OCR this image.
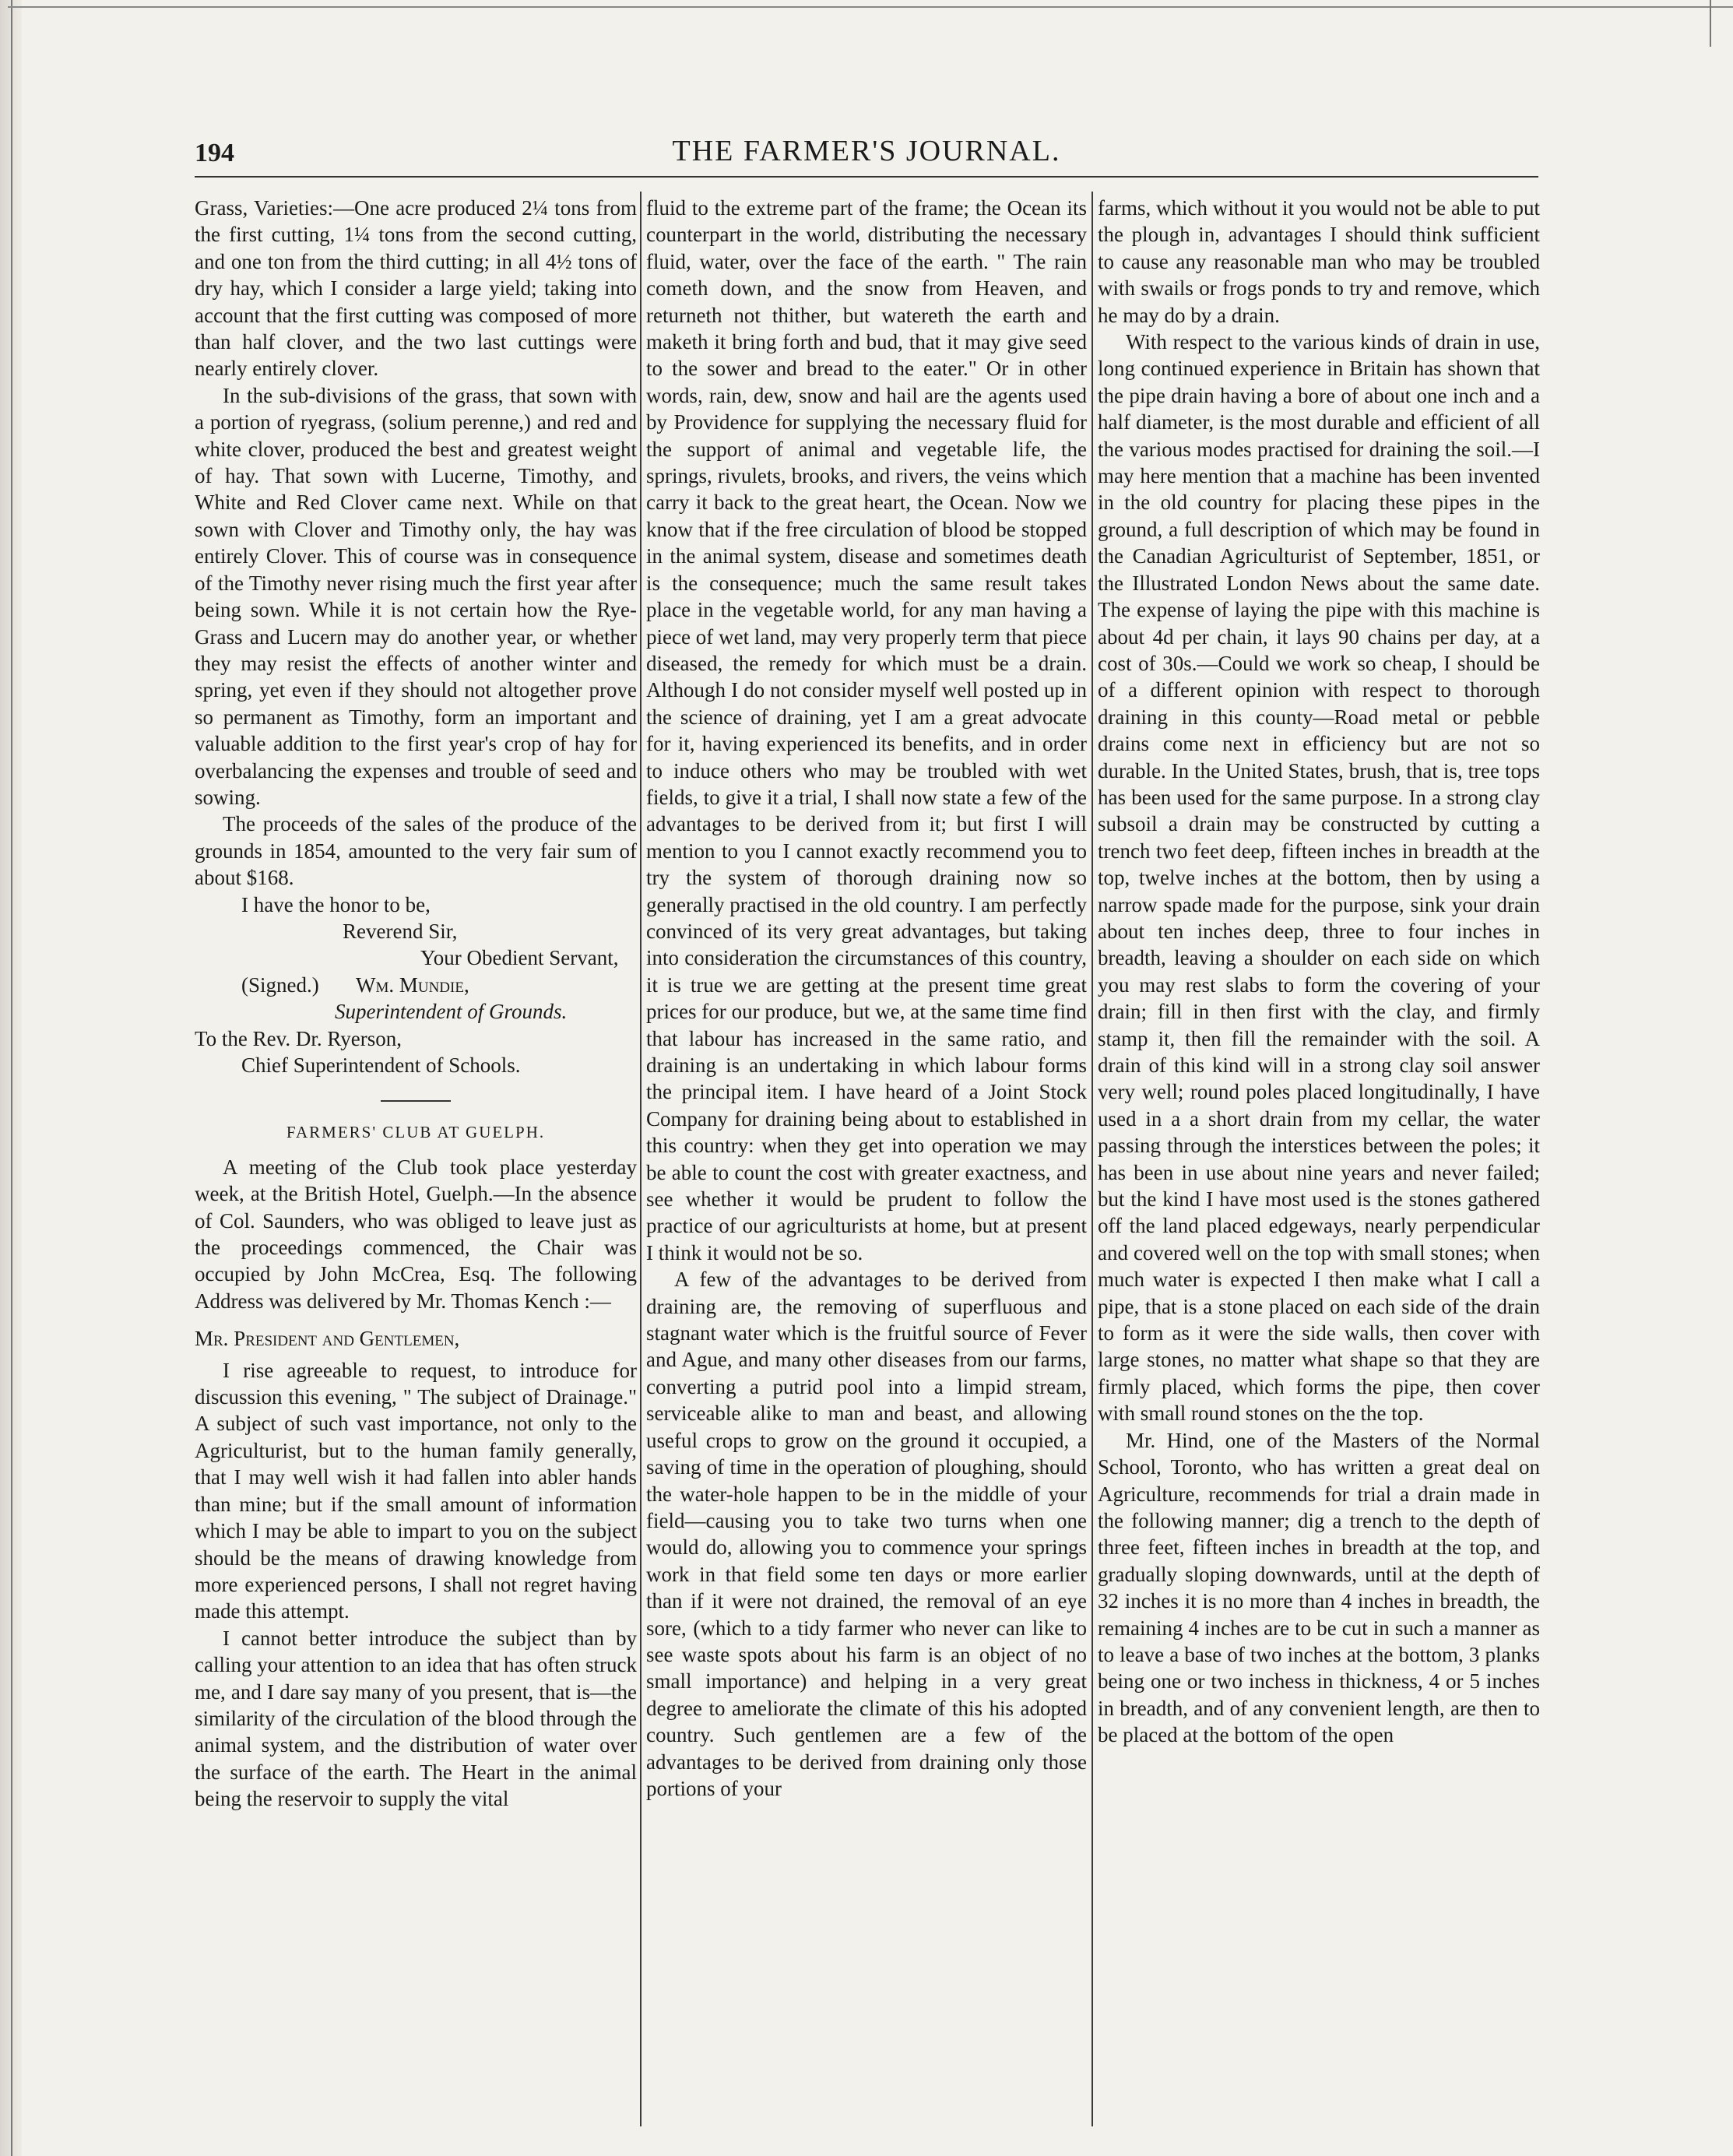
194	THE FARMER'S JOURNAL.

Grass, Varieties:—One acre produced 2¼ tons from the first cutting, 1¼ tons from the second cutting, and one ton from the third cutting; in all 4½ tons of dry hay, which I consider a large yield; taking into account that the first cutting was composed of more than half clover, and the two last cuttings were nearly entirely clover.

In the sub-divisions of the grass, that sown with a portion of ryegrass, (solium perenne,) and red and white clover, produced the best and greatest weight of hay. That sown with Lucerne, Timothy, and White and Red Clover came next. While on that sown with Clover and Timothy only, the hay was entirely Clover. This of course was in consequence of the Timothy never rising much the first year after being sown. While it is not certain how the Rye-Grass and Lucern may do another year, or whether they may resist the effects of another winter and spring, yet even if they should not altogether prove so permanent as Timothy, form an important and valuable addition to the first year's crop of hay for overbalancing the expenses and trouble of seed and sowing.

The proceeds of the sales of the produce of the grounds in 1854, amounted to the very fair sum of about $168.

I have the honor to be,
Reverend Sir,
Your Obedient Servant,
(Signed.) Wm. Mundie,
Superintendent of Grounds.
To the Rev. Dr. Ryerson,
Chief Superintendent of Schools.
FARMERS' CLUB AT GUELPH.

A meeting of the Club took place yesterday week, at the British Hotel, Guelph.—In the absence of Col. Saunders, who was obliged to leave just as the proceedings commenced, the Chair was occupied by John McCrea, Esq. The following Address was delivered by Mr. Thomas Kench :—

Mr. President and Gentlemen,

I rise agreeable to request, to introduce for discussion this evening, " The subject of Drainage." A subject of such vast importance, not only to the Agriculturist, but to the human family generally, that I may well wish it had fallen into abler hands than mine; but if the small amount of information which I may be able to impart to you on the subject should be the means of drawing knowledge from more experienced persons, I shall not regret having made this attempt.

I cannot better introduce the subject than by calling your attention to an idea that has often struck me, and I dare say many of you present, that is—the similarity of the circulation of the blood through the animal system, and the distribution of water over the surface of the earth. The Heart in the animal being the reservoir to supply the vital

fluid to the extreme part of the frame; the Ocean its counterpart in the world, distributing the necessary fluid, water, over the face of the earth. " The rain cometh down, and the snow from Heaven, and returneth not thither, but watereth the earth and maketh it bring forth and bud, that it may give seed to the sower and bread to the eater." Or in other words, rain, dew, snow and hail are the agents used by Providence for supplying the necessary fluid for the support of animal and vegetable life, the springs, rivulets, brooks, and rivers, the veins which carry it back to the great heart, the Ocean. Now we know that if the free circulation of blood be stopped in the animal system, disease and sometimes death is the consequence; much the same result takes place in the vegetable world, for any man having a piece of wet land, may very properly term that piece diseased, the remedy for which must be a drain. Although I do not consider myself well posted up in the science of draining, yet I am a great advocate for it, having experienced its benefits, and in order to induce others who may be troubled with wet fields, to give it a trial, I shall now state a few of the advantages to be derived from it; but first I will mention to you I cannot exactly recommend you to try the system of thorough draining now so generally practised in the old country. I am perfectly convinced of its very great advantages, but taking into consideration the circumstances of this country, it is true we are getting at the present time great prices for our produce, but we, at the same time find that labour has increased in the same ratio, and draining is an undertaking in which labour forms the principal item. I have heard of a Joint Stock Company for draining being about to established in this country: when they get into operation we may be able to count the cost with greater exactness, and see whether it would be prudent to follow the practice of our agriculturists at home, but at present I think it would not be so.

A few of the advantages to be derived from draining are, the removing of superfluous and stagnant water which is the fruitful source of Fever and Ague, and many other diseases from our farms, converting a putrid pool into a limpid stream, serviceable alike to man and beast, and allowing useful crops to grow on the ground it occupied, a saving of time in the operation of ploughing, should the water-hole happen to be in the middle of your field—causing you to take two turns when one would do, allowing you to commence your springs work in that field some ten days or more earlier than if it were not drained, the removal of an eye sore, (which to a tidy farmer who never can like to see waste spots about his farm is an object of no small importance) and helping in a very great degree to ameliorate the climate of this his adopted country. Such gentlemen are a few of the advantages to be derived from draining only those portions of your

farms, which without it you would not be able to put the plough in, advantages I should think sufficient to cause any reasonable man who may be troubled with swails or frogs ponds to try and remove, which he may do by a drain.

With respect to the various kinds of drain in use, long continued experience in Britain has shown that the pipe drain having a bore of about one inch and a half diameter, is the most durable and efficient of all the various modes practised for draining the soil.—I may here mention that a machine has been invented in the old country for placing these pipes in the ground, a full description of which may be found in the Canadian Agriculturist of September, 1851, or the Illustrated London News about the same date. The expense of laying the pipe with this machine is about 4d per chain, it lays 90 chains per day, at a cost of 30s.—Could we work so cheap, I should be of a different opinion with respect to thorough draining in this county—Road metal or pebble drains come next in efficiency but are not so durable. In the United States, brush, that is, tree tops has been used for the same purpose. In a strong clay subsoil a drain may be constructed by cutting a trench two feet deep, fifteen inches in breadth at the top, twelve inches at the bottom, then by using a narrow spade made for the purpose, sink your drain about ten inches deep, three to four inches in breadth, leaving a shoulder on each side on which you may rest slabs to form the covering of your drain; fill in then first with the clay, and firmly stamp it, then fill the remainder with the soil. A drain of this kind will in a strong clay soil answer very well; round poles placed longitudinally, I have used in a a short drain from my cellar, the water passing through the interstices between the poles; it has been in use about nine years and never failed; but the kind I have most used is the stones gathered off the land placed edgeways, nearly perpendicular and covered well on the top with small stones; when much water is expected I then make what I call a pipe, that is a stone placed on each side of the drain to form as it were the side walls, then cover with large stones, no matter what shape so that they are firmly placed, which forms the pipe, then cover with small round stones on the the top.

Mr. Hind, one of the Masters of the Normal School, Toronto, who has written a great deal on Agriculture, recommends for trial a drain made in the following manner; dig a trench to the depth of three feet, fifteen inches in breadth at the top, and gradually sloping downwards, until at the depth of 32 inches it is no more than 4 inches in breadth, the remaining 4 inches are to be cut in such a manner as to leave a base of two inches at the bottom, 3 planks being one or two inchess in thickness, 4 or 5 inches in breadth, and of any convenient length, are then to be placed at the bottom of the open
